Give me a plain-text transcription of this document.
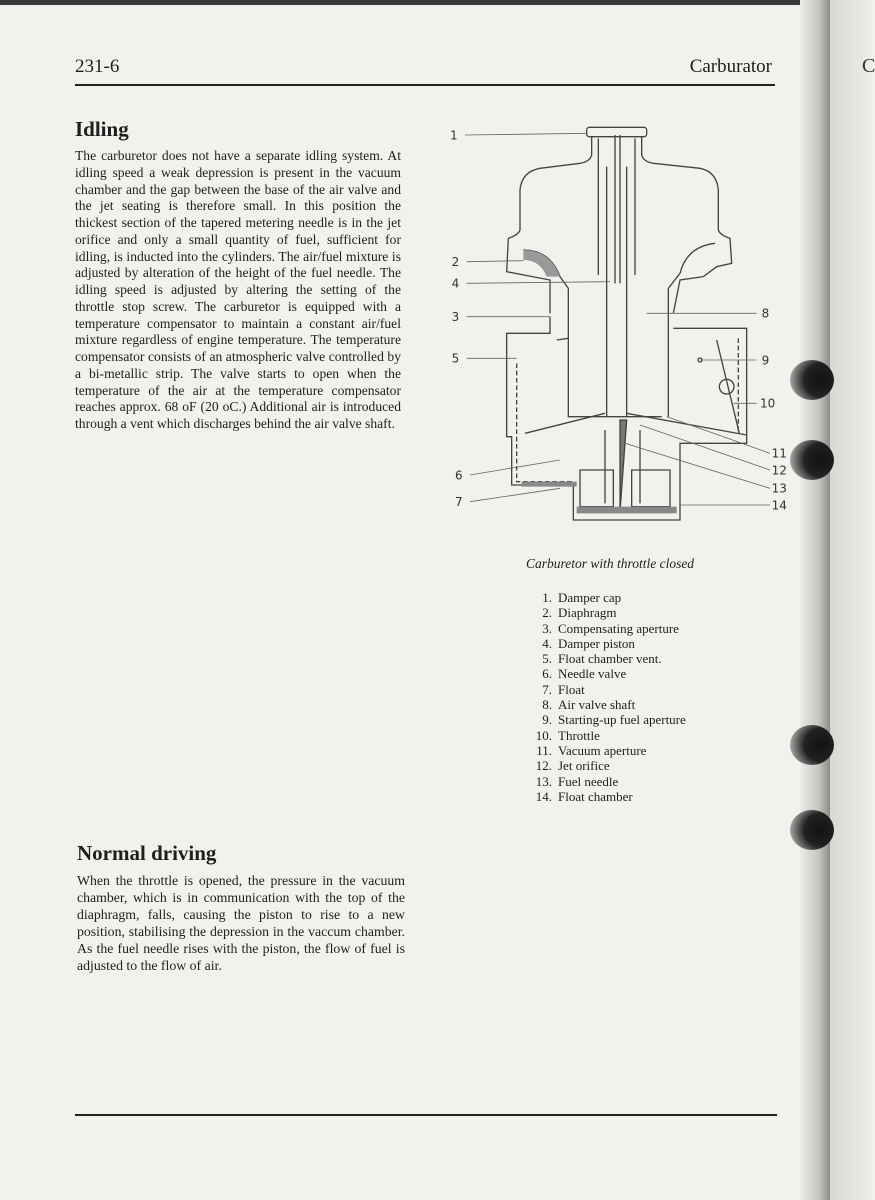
C
231-6	Carburator
Idling
The carburetor does not have a separate idling system. At idling speed a weak depression is present in the vacuum chamber and the gap between the base of the air valve and the jet seating is therefore small. In this position the thickest section of the tapered metering needle is in the jet orifice and only a small quantity of fuel, sufficient for idling, is inducted into the cylinders. The air/fuel mixture is adjusted by alteration of the height of the fuel needle. The idling speed is adjusted by altering the setting of the throttle stop screw. The carburetor is equipped with a temperature compensator to maintain a constant air/fuel mixture regardless of engine temperature. The temperature compensator consists of an atmospheric valve controlled by a bi-metallic strip. The valve starts to open when the temperature of the air at the temperature compensator reaches approx. 68 oF (20 oC.) Additional air is introduced through a vent which discharges behind the air valve shaft.
Normal driving
When the throttle is opened, the pressure in the vacuum chamber, which is in communication with the top of the diaphragm, falls, causing the piston to rise to a new position, stabilising the depression in the vaccum chamber. As the fuel needle rises with the piston, the flow of fuel is adjusted to the flow of air.
1
2
3
4
5
6
7
8
9
10
11
12
13
14
Carburetor with throttle closed
1. Damper cap
2. Diaphragm
3. Compensating aperture
4. Damper piston
5. Float chamber vent.
6. Needle valve
7. Float
8. Air valve shaft
9. Starting-up fuel aperture
10. Throttle
11. Vacuum aperture
12. Jet orifice
13. Fuel needle
14. Float chamber
